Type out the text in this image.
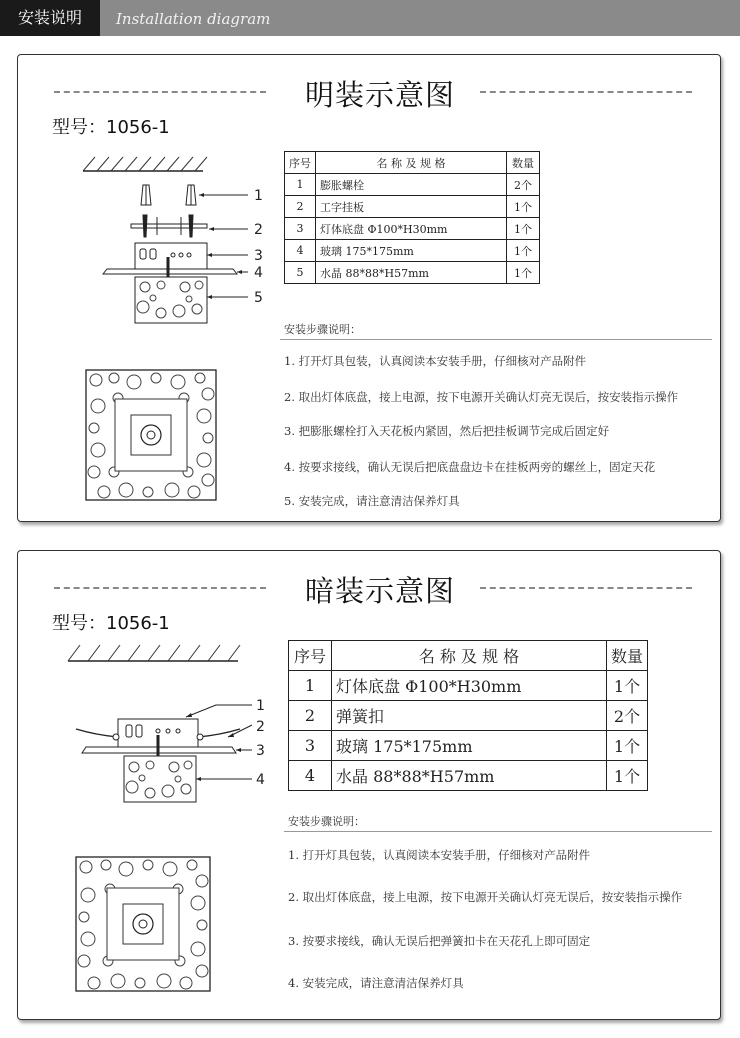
安装说明	Installation diagram
明装示意图
型号：1056-1
1
2
3
4
5
序号	名 称 及 规 格	数量
1	膨胀螺栓	2个
2	工字挂板	1个
3	灯体底盘 Φ100*H30mm	1个
4	玻璃 175*175mm	1个
5	水晶 88*88*H57mm	1个
安装步骤说明：
1. 打开灯具包装，认真阅读本安装手册，仔细核对产品附件
2. 取出灯体底盘，接上电源，按下电源开关确认灯亮无误后，按安装指示操作
3. 把膨胀螺栓打入天花板内紧固，然后把挂板调节完成后固定好
4. 按要求接线，确认无误后把底盘盘边卡在挂板两旁的螺丝上，固定天花
5. 安装完成，请注意清洁保养灯具
暗装示意图
型号：1056-1
1
2
3
4
序号	名 称 及 规 格	数量
1	灯体底盘 Φ100*H30mm	1个
2	弹簧扣	2个
3	玻璃 175*175mm	1个
4	水晶 88*88*H57mm	1个
安装步骤说明：
1. 打开灯具包装，认真阅读本安装手册，仔细核对产品附件
2. 取出灯体底盘，接上电源，按下电源开关确认灯亮无误后，按安装指示操作
3. 按要求接线，确认无误后把弹簧扣卡在天花孔上即可固定
4. 安装完成，请注意清洁保养灯具
